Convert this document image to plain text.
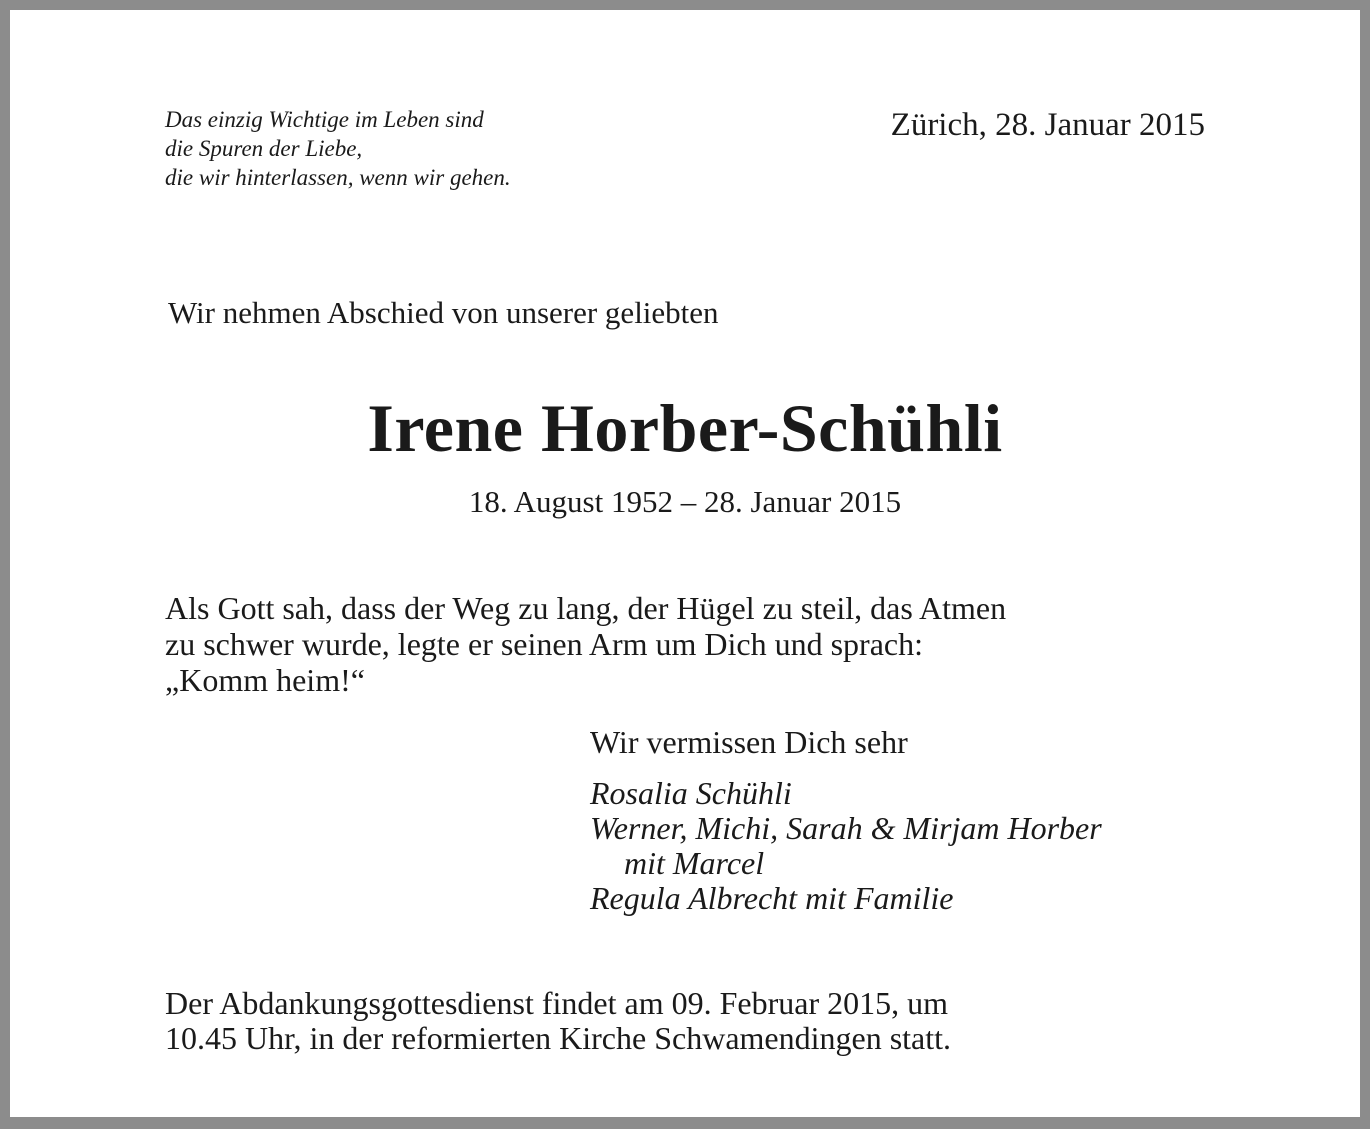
Das einzig Wichtige im Leben sind
die Spuren der Liebe,
die wir hinterlassen, wenn wir gehen.
Zürich, 28. Januar 2015
Wir nehmen Abschied von unserer geliebten
Irene Horber-Schühli
18. August 1952 – 28. Januar 2015
Als Gott sah, dass der Weg zu lang, der Hügel zu steil, das Atmen
zu schwer wurde, legte er seinen Arm um Dich und sprach:
„Komm heim!“
Wir vermissen Dich sehr
Rosalia Schühli
Werner, Michi, Sarah & Mirjam Horber
mit Marcel
Regula Albrecht mit Familie
Der Abdankungsgottesdienst findet am 09. Februar 2015, um
10.45 Uhr, in der reformierten Kirche Schwamendingen statt.
